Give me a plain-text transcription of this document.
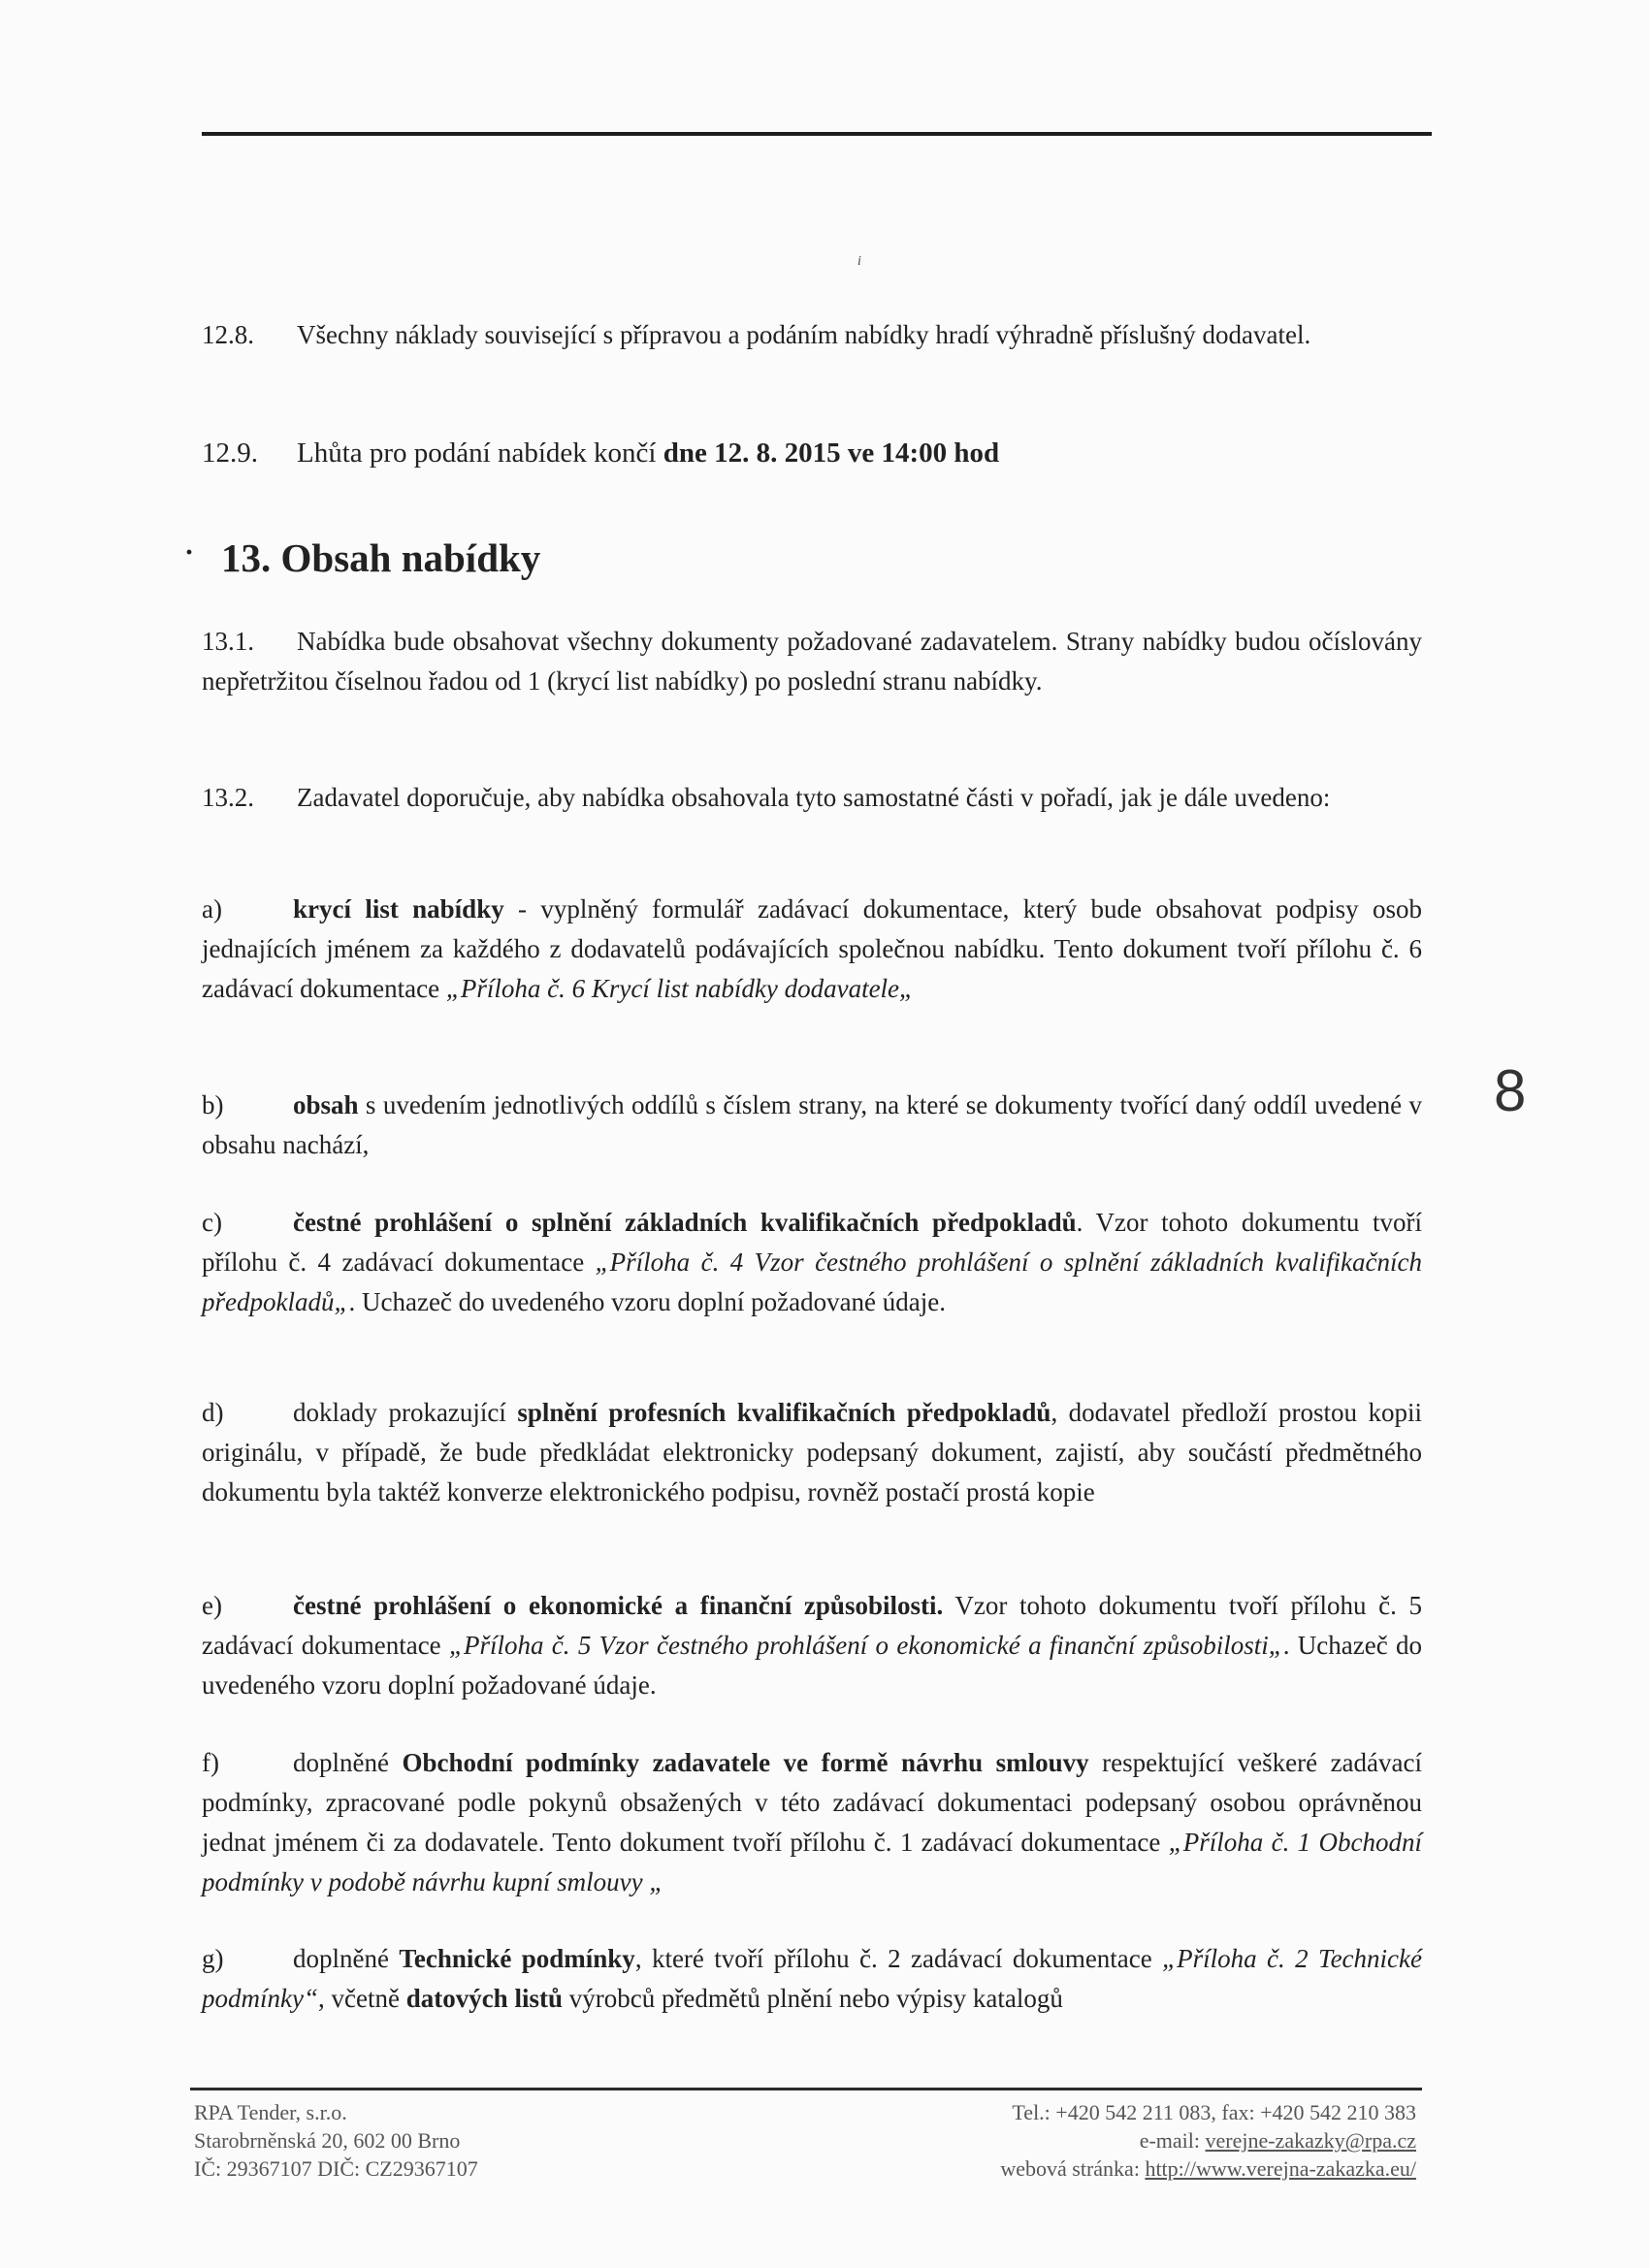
i
12.8. Všechny náklady související s přípravou a podáním nabídky hradí výhradně příslušný dodavatel.
12.9. Lhůta pro podání nabídek končí dne 12. 8. 2015 ve 14:00 hod
· 13. Obsah nabídky
13.1. Nabídka bude obsahovat všechny dokumenty požadované zadavatelem. Strany nabídky budou očíslovány nepřetržitou číselnou řadou od 1 (krycí list nabídky) po poslední stranu nabídky.
13.2. Zadavatel doporučuje, aby nabídka obsahovala tyto samostatné části v pořadí, jak je dále uvedeno:
a)	krycí list nabídky - vyplněný formulář zadávací dokumentace, který bude obsahovat podpisy osob jednajících jménem za každého z dodavatelů podávajících společnou nabídku. Tento dokument tvoří přílohu č. 6 zadávací dokumentace „Příloha č. 6 Krycí list nabídky dodavatele„
b)	obsah s uvedením jednotlivých oddílů s číslem strany, na které se dokumenty tvořící daný oddíl uvedené v obsahu nachází,
c)	čestné prohlášení o splnění základních kvalifikačních předpokladů. Vzor tohoto dokumentu tvoří přílohu č. 4 zadávací dokumentace „Příloha č. 4 Vzor čestného prohlášení o splnění základních kvalifikačních předpokladů„. Uchazeč do uvedeného vzoru doplní požadované údaje.
d)	doklady prokazující splnění profesních kvalifikačních předpokladů, dodavatel předloží prostou kopii originálu, v případě, že bude předkládat elektronicky podepsaný dokument, zajistí, aby součástí předmětného dokumentu byla taktéž konverze elektronického podpisu, rovněž postačí prostá kopie
e)	čestné prohlášení o ekonomické a finanční způsobilosti. Vzor tohoto dokumentu tvoří přílohu č. 5 zadávací dokumentace „Příloha č. 5 Vzor čestného prohlášení o ekonomické a finanční způsobilosti„. Uchazeč do uvedeného vzoru doplní požadované údaje.
f)	doplněné Obchodní podmínky zadavatele ve formě návrhu smlouvy respektující veškeré zadávací podmínky, zpracované podle pokynů obsažených v této zadávací dokumentaci podepsaný osobou oprávněnou jednat jménem či za dodavatele. Tento dokument tvoří přílohu č. 1 zadávací dokumentace „Příloha č. 1 Obchodní podmínky v podobě návrhu kupní smlouvy „
g)	doplněné Technické podmínky, které tvoří přílohu č. 2 zadávací dokumentace „Příloha č. 2 Technické podmínky“, včetně datových listů výrobců předmětů plnění nebo výpisy katalogů
8
RPA Tender, s.r.o.
Starobrněnská 20, 602 00 Brno
IČ: 29367107 DIČ: CZ29367107
Tel.: +420 542 211 083, fax: +420 542 210 383
e-mail: verejne-zakazky@rpa.cz
webová stránka: http://www.verejna-zakazka.eu/
